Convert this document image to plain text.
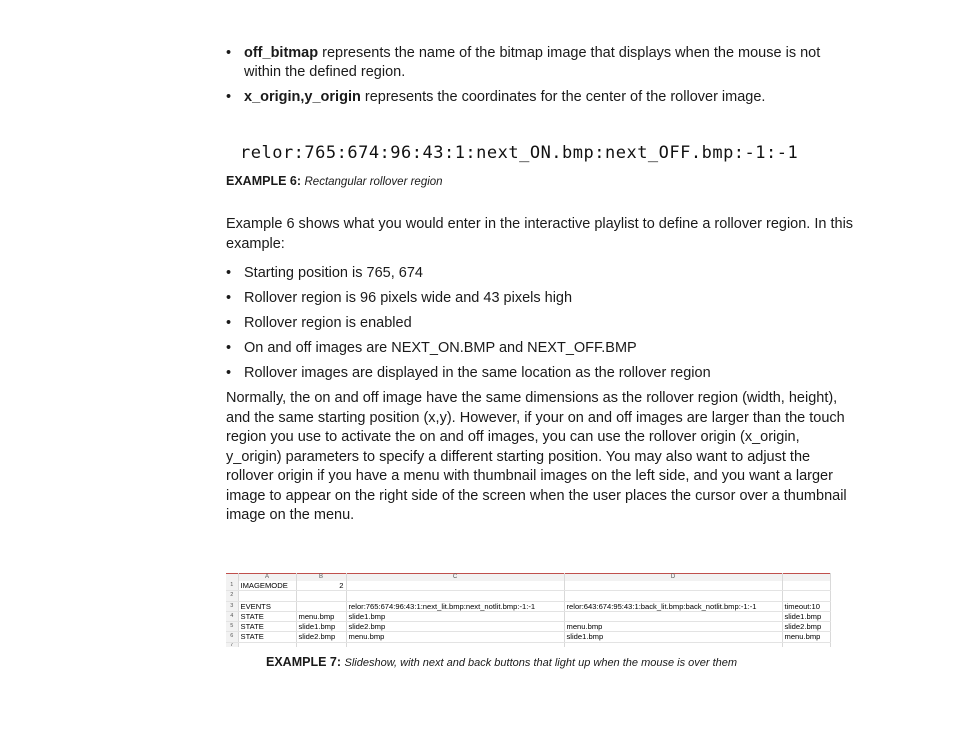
• off_bitmap represents the name of the bitmap image that displays when the mouse is not within the defined region.
• x_origin,y_origin represents the coordinates for the center of the rollover image.
relor:765:674:96:43:1:next_ON.bmp:next_OFF.bmp:-1:-1
EXAMPLE 6: Rectangular rollover region

Example 6 shows what you would enter in the interactive playlist to define a rollover region. In this example:

• Starting position is 765, 674
• Rollover region is 96 pixels wide and 43 pixels high
• Rollover region is enabled
• On and off images are NEXT_ON.BMP and NEXT_OFF.BMP
• Rollover images are displayed in the same location as the rollover region

Normally, the on and off image have the same dimensions as the rollover region (width, height), and the same starting position (x,y). However, if your on and off images are larger than the touch region you use to activate the on and off images, you can use the rollover origin (x_origin, y_origin) parameters to specify a different starting position. You may also want to adjust the rollover origin if you have a menu with thumbnail images on the left side, and you want a larger image to appear on the right side of the screen when the user places the cursor over a thumbnail image on the menu.

	A	B	C	D	
1	IMAGEMODE	2			
2					
3	EVENTS		relor:765:674:96:43:1:next_lit.bmp:next_notlit.bmp:-1:-1	relor:643:674:95:43:1:back_lit.bmp:back_notlit.bmp:-1:-1	timeout:10
4	STATE	menu.bmp	slide1.bmp		slide1.bmp
5	STATE	slide1.bmp	slide2.bmp	menu.bmp	slide2.bmp
6	STATE	slide2.bmp	menu.bmp	slide1.bmp	menu.bmp
7					
EXAMPLE 7: Slideshow, with next and back buttons that light up when the mouse is over them
